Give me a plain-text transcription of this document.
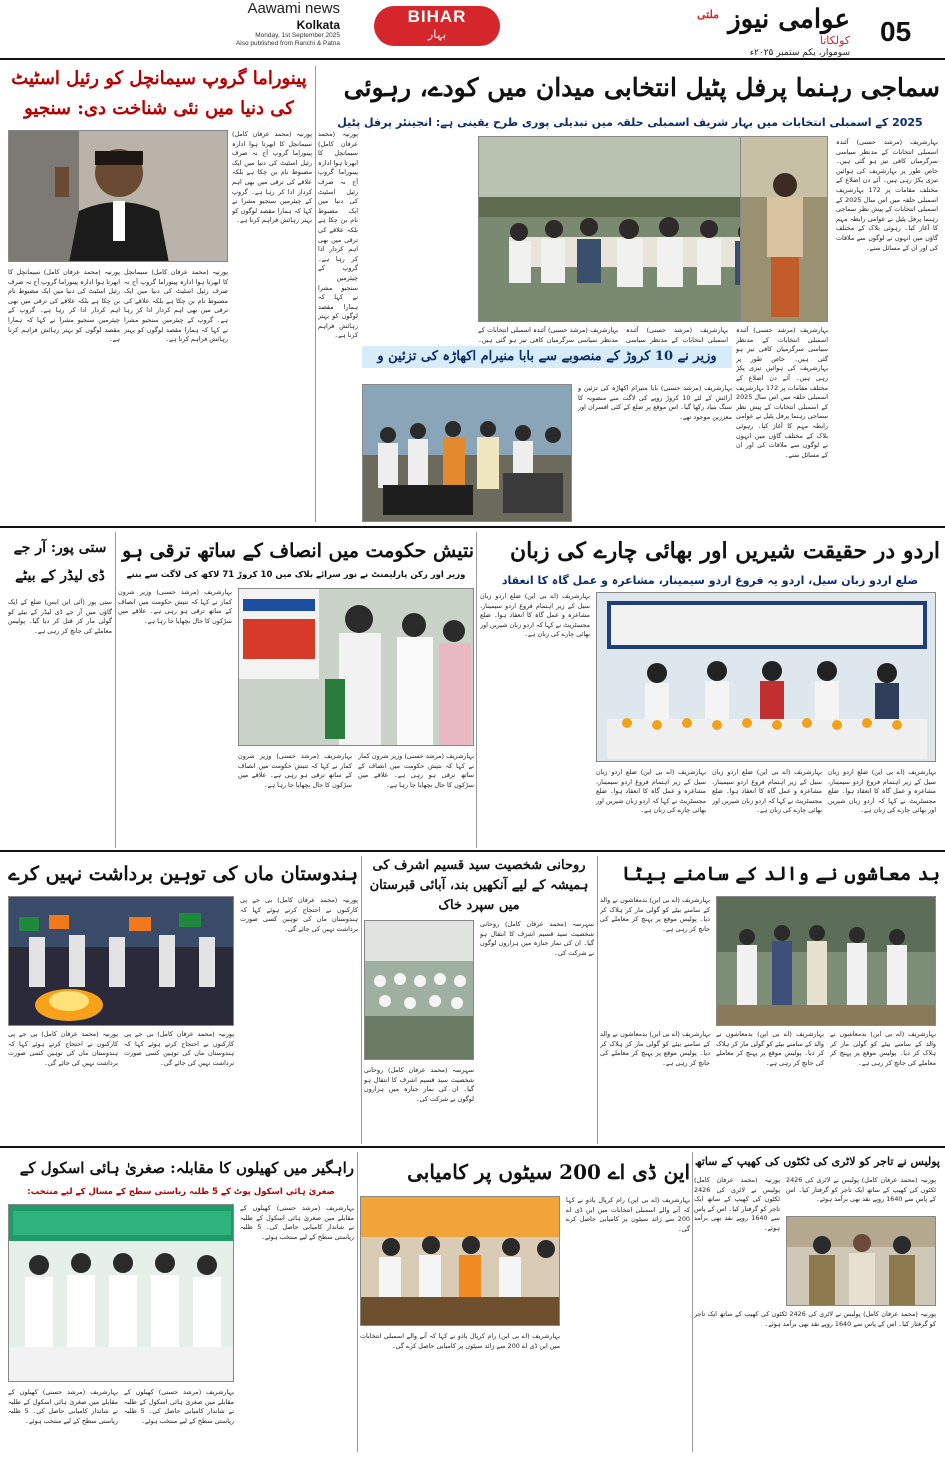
Aawami news
Kolkata
Monday, 1st September 2025
Also published from Ranchi & Patna
BIHAR
بہار	عوامی نیوز $^{ملتی}$
کولکاتا
سوموار، یکم ستمبر ۲۰۲۵ء
05
سماجی رہنما پرفل پٹیل انتخابی میدان میں کودے، رہوئی
2025 کے اسمبلی انتخابات میں بہار شریف اسمبلی حلقہ میں تبدیلی پوری طرح یقینی ہے: انجینئر پرفل پٹیل
بہارشریف (مرشد حسنی) آئندہ اسمبلی انتخابات کے مدنظر سیاسی سرگرمیاں کافی تیز ہو گئی ہیں۔ خاص طور پر بہارشریف کی ہوائیں تیزی پکڑ رہی ہیں۔ آئے دن اضلاع کے مختلف مقامات پر 172 بہارشریف اسمبلی حلقہ میں اس سال 2025 کے اسمبلی انتخابات کے پیش نظر سماجی رہنما پرفل پٹیل نے عوامی رابطہ مہم کا آغاز کیا۔ رہوئی بلاک کے مختلف گاؤں میں انہوں نے لوگوں سے ملاقات کی اور ان کے مسائل سنے۔
بہارشریف (مرشد حسنی) آئندہ اسمبلی انتخابات کے مدنظر سیاسی سرگرمیاں کافی تیز ہو گئی ہیں۔ خاص طور پر بہارشریف کی ہوائیں تیزی پکڑ رہی ہیں۔ آئے دن اضلاع کے مختلف مقامات پر 172 بہارشریف اسمبلی حلقہ میں اس سال 2025 کے اسمبلی انتخابات کے پیش نظر سماجی رہنما پرفل پٹیل نے عوامی رابطہ مہم کا آغاز کیا۔ رہوئی بلاک کے مختلف گاؤں میں انہوں نے لوگوں سے ملاقات کی اور ان کے مسائل سنے۔
بہارشریف (مرشد حسنی) آئندہ اسمبلی انتخابات کے مدنظر سیاسی
بہارشریف (مرشد حسنی) آئندہ اسمبلی انتخابات کے مدنظر سیاسی سرگرمیاں کافی تیز ہو گئی ہیں۔
وزیر نے 10 کروڑ کے منصوبے سے بابا منیرام اکھاڑہ کی تزئین و
بہارشریف (مرشد حسنی) بابا منیرام اکھاڑہ کی تزئین و آرائش کے لئے 10 کروڑ روپے کی لاگت سے منصوبہ کا سنگ بنیاد رکھا گیا۔ اس موقع پر ضلع کے کئی افسران اور معززین موجود تھے۔
پینوراما گروپ سیمانچل کو رئیل اسٹیٹ کی دنیا میں نئی شناخت دی: سنجیو
پورنیہ (محمد عرفان کامل) سیمانچل کا ابھرتا ہوا ادارہ پینوراما گروپ آج نہ صرف رئیل اسٹیٹ کی دنیا میں ایک مضبوط نام بن چکا ہے بلکہ علاقے کی ترقی میں بھی اہم کردار ادا کر رہا ہے۔ گروپ کے چیئرمین سنجیو مشرا نے کہا کہ ہمارا مقصد لوگوں کو بہتر رہائش فراہم کرنا ہے۔
پورنیہ (محمد عرفان کامل) سیمانچل کا ابھرتا ہوا ادارہ پینوراما گروپ آج نہ صرف رئیل اسٹیٹ کی دنیا میں ایک مضبوط نام بن چکا ہے بلکہ علاقے کی ترقی میں بھی اہم کردار ادا کر رہا ہے۔ گروپ کے چیئرمین سنجیو مشرا نے کہا کہ ہمارا مقصد لوگوں کو بہتر رہائش فراہم کرنا ہے۔
پورنیہ (محمد عرفان کامل) سیمانچل کا ابھرتا ہوا ادارہ پینوراما گروپ آج نہ صرف رئیل اسٹیٹ کی دنیا میں ایک مضبوط نام بن چکا ہے بلکہ علاقے کی ترقی میں بھی اہم کردار ادا کر رہا ہے۔ گروپ کے چیئرمین سنجیو مشرا نے کہا کہ ہمارا مقصد لوگوں کو بہتر رہائش فراہم کرنا ہے۔
پورنیہ (محمد عرفان کامل) سیمانچل کا ابھرتا ہوا ادارہ پینوراما گروپ آج نہ صرف رئیل اسٹیٹ کی دنیا میں ایک مضبوط نام بن چکا ہے بلکہ علاقے کی ترقی میں بھی اہم کردار ادا کر رہا ہے۔ گروپ کے چیئرمین سنجیو مشرا نے کہا کہ ہمارا مقصد لوگوں کو بہتر رہائش فراہم کرنا ہے۔
اردو در حقیقت شیریں اور بھائی چارے کی زبان
ضلع اردو زبان سیل، اردو یہ فروغ اردو سیمینار، مشاعرہ و عمل گاہ کا انعقاد
بہارشریف (اے بی این) ضلع اردو زبان سیل کے زیر اہتمام فروغ اردو سیمینار، مشاعرہ و عمل گاہ کا انعقاد ہوا۔ ضلع مجسٹریٹ نے کہا کہ اردو زبان شیریں اور بھائی چارے کی زبان ہے۔
بہارشریف (اے بی این) ضلع اردو زبان سیل کے زیر اہتمام فروغ اردو سیمینار، مشاعرہ و عمل گاہ کا انعقاد ہوا۔ ضلع مجسٹریٹ نے کہا کہ اردو زبان شیریں اور بھائی چارے کی زبان ہے۔
بہارشریف (اے بی این) ضلع اردو زبان سیل کے زیر اہتمام فروغ اردو سیمینار، مشاعرہ و عمل گاہ کا انعقاد ہوا۔ ضلع مجسٹریٹ نے کہا کہ اردو زبان شیریں اور بھائی چارے کی زبان ہے۔
بہارشریف (اے بی این) ضلع اردو زبان سیل کے زیر اہتمام فروغ اردو سیمینار، مشاعرہ و عمل گاہ کا انعقاد ہوا۔ ضلع مجسٹریٹ نے کہا کہ اردو زبان شیریں اور بھائی چارے کی زبان ہے۔
نتیش حکومت میں انصاف کے ساتھ ترقی ہو
وزیر اور رکن پارلیمنٹ نے نور سرائے بلاک میں 10 کروڑ 71 لاکھ کی لاگت سے بننے
بہارشریف (مرشد حسنی) وزیر شرون کمار نے کہا کہ نتیش حکومت میں انصاف کے ساتھ ترقی ہو رہی ہے۔ علاقے میں سڑکوں کا جال بچھایا جا رہا ہے۔
بہارشریف (مرشد حسنی) وزیر شرون کمار نے کہا کہ نتیش حکومت میں انصاف کے ساتھ ترقی ہو رہی ہے۔ علاقے میں سڑکوں کا جال بچھایا جا رہا ہے۔
بہارشریف (مرشد حسنی) وزیر شرون کمار نے کہا کہ نتیش حکومت میں انصاف کے ساتھ ترقی ہو رہی ہے۔ علاقے میں سڑکوں کا جال بچھایا جا رہا ہے۔
ستی پور: آر جے ڈی لیڈر کے بیٹے
ستی پور (آئی این ایس) ضلع کے ایک گاؤں میں آر جے ڈی لیڈر کے بیٹے کو گولی مار کر قتل کر دیا گیا۔ پولیس معاملے کی جانچ کر رہی ہے۔
بد معاشوں نے والد کے سامنے بیٹا
بہارشریف (اے بی این) بدمعاشوں نے والد کے سامنے بیٹے کو گولی مار کر ہلاک کر دیا۔ پولیس موقع پر پہنچ کر معاملے کی جانچ کر رہی ہے۔
بہارشریف (اے بی این) بدمعاشوں نے والد کے سامنے بیٹے کو گولی مار کر ہلاک کر دیا۔ پولیس موقع پر پہنچ کر معاملے کی جانچ کر رہی ہے۔
بہارشریف (اے بی این) بدمعاشوں نے والد کے سامنے بیٹے کو گولی مار کر ہلاک کر دیا۔ پولیس موقع پر پہنچ کر معاملے کی جانچ کر رہی ہے۔
بہارشریف (اے بی این) بدمعاشوں نے والد کے سامنے بیٹے کو گولی مار کر ہلاک کر دیا۔ پولیس موقع پر پہنچ کر معاملے کی جانچ کر رہی ہے۔
روحانی شخصیت سید قسیم اشرف کی ہمیشہ کے لیے آنکھیں بند، آبائی قبرستان میں سپرد خاک
سہرسہ (محمد عرفان کامل) روحانی شخصیت سید قسیم اشرف کا انتقال ہو گیا۔ ان کی نماز جنازہ میں ہزاروں لوگوں نے شرکت کی۔
سہرسہ (محمد عرفان کامل) روحانی شخصیت سید قسیم اشرف کا انتقال ہو گیا۔ ان کی نماز جنازہ میں ہزاروں لوگوں نے شرکت کی۔
ہندوستان ماں کی توہین برداشت نہیں کرے
پورنیہ (محمد عرفان کامل) بی جے پی کارکنوں نے احتجاج کرتے ہوئے کہا کہ ہندوستان ماں کی توہین کسی صورت برداشت نہیں کی جائے گی۔
پورنیہ (محمد عرفان کامل) بی جے پی کارکنوں نے احتجاج کرتے ہوئے کہا کہ ہندوستان ماں کی توہین کسی صورت برداشت نہیں کی جائے گی۔
پورنیہ (محمد عرفان کامل) بی جے پی کارکنوں نے احتجاج کرتے ہوئے کہا کہ ہندوستان ماں کی توہین کسی صورت برداشت نہیں کی جائے گی۔
پولیس نے تاجر کو لاٹری کی ٹکٹوں کی کھیپ کے ساتھ
پورنیہ (محمد عرفان کامل) پولیس نے لاٹری کی 2426 ٹکٹوں کی کھیپ کے ساتھ ایک تاجر کو گرفتار کیا۔ اس کے پاس سے 1640 روپے نقد بھی برآمد ہوئے۔
پورنیہ (محمد عرفان کامل) پولیس نے لاٹری کی 2426 ٹکٹوں کی کھیپ کے ساتھ ایک تاجر کو گرفتار کیا۔ اس کے پاس سے 1640 روپے نقد بھی برآمد ہوئے۔
پورنیہ (محمد عرفان کامل) پولیس نے لاٹری کی 2426 ٹکٹوں کی کھیپ کے ساتھ ایک تاجر کو گرفتار کیا۔ اس کے پاس سے 1640 روپے نقد بھی برآمد ہوئے۔
این ڈی اے 200 سیٹوں پر کامیابی
بہارشریف (اے بی این) رام کرپال یادو نے کہا کہ آنے والے اسمبلی انتخابات میں این ڈی اے 200 سے زائد سیٹوں پر کامیابی حاصل کرے گی۔
بہارشریف (اے بی این) رام کرپال یادو نے کہا کہ آنے والے اسمبلی انتخابات میں این ڈی اے 200 سے زائد سیٹوں پر کامیابی حاصل کرے گی۔
راہگیر میں کھیلوں کا مقابلہ: صغریٰ ہائی اسکول کے
صغریٰ ہائی اسکول پوٹ کے 5 طلبہ ریاستی سطح کے مسال کے لیے منتخب:
بہارشریف (مرشد حسنی) کھیلوں کے مقابلے میں صغریٰ ہائی اسکول کے طلبہ نے شاندار کامیابی حاصل کی۔ 5 طلبہ ریاستی سطح کے لیے منتخب ہوئے۔
بہارشریف (مرشد حسنی) کھیلوں کے مقابلے میں صغریٰ ہائی اسکول کے طلبہ نے شاندار کامیابی حاصل کی۔ 5 طلبہ ریاستی سطح کے لیے منتخب ہوئے۔
بہارشریف (مرشد حسنی) کھیلوں کے مقابلے میں صغریٰ ہائی اسکول کے طلبہ نے شاندار کامیابی حاصل کی۔ 5 طلبہ ریاستی سطح کے لیے منتخب ہوئے۔
